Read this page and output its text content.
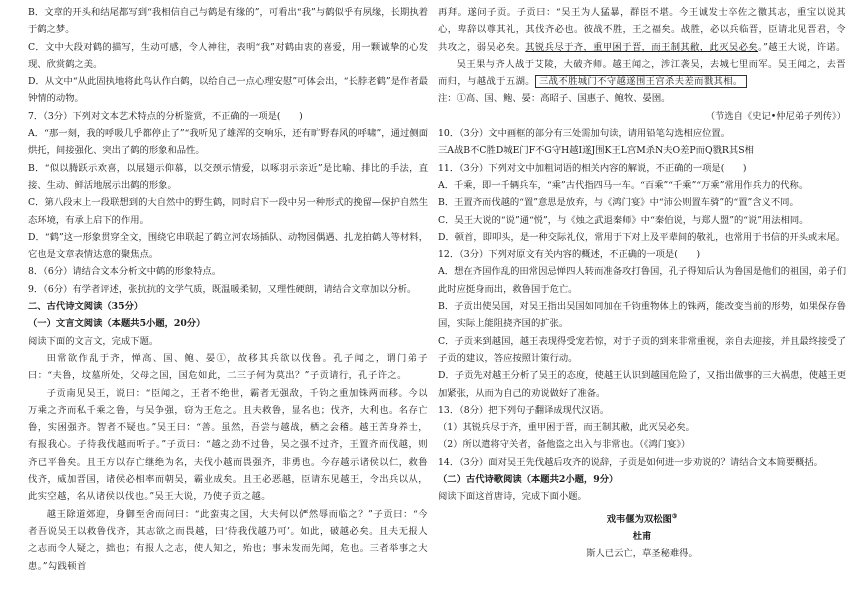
B．文章的开头和结尾都写到“我相信自己与鹤是有缘的”，可看出“我”与鹤似乎有夙缘，长期执着于鹤之梦。

C．文中大段对鹤的描写，生动可感，令人神往，表明“我”对鹤由衷的喜爱，用一颗诚挚的心发现、欣赏鹤之美。

D．从文中“从此固执地将此鸟认作白鹤，以给自己一点心理安慰”可体会出，“长脖老鹤”是作者最钟情的动物。

7．（3分）下列对文本艺术特点的分析鉴赏，不正确的一项是(　　)

A．“那一刻，我的呼吸几乎都停止了”“我听见了雄浑的交响乐，还有旷野春风的呼啸”，通过侧面烘托，间接强化、突出了鹤的形象和品性。

B．“似以腾跃示欢喜，以展翅示仰慕，以交颈示情爱，以啄羽示亲近”是比喻、排比的手法，直接、生动、鲜活地展示出鹤的形象。

C．第八段末上一段联想到的大自然中的野生鹤，同时启下一段中另一种形式的挽留—保护自然生态环境，有承上启下的作用。

D．“鹤”这一形象贯穿全文，围绕它串联起了鹤立河农场插队、动物园偶遇、扎龙拍鹤人等材料，它也是文章表情达意的聚焦点。

8．（6分）请结合文本分析文中鹤的形象特点。

9．（6分）有学者评述，张抗抗的文学气质，既温暖柔韧，又理性硬朗，请结合文章加以分析。

二、古代诗文阅读（35分）

（一）文言文阅读（本题共5小题，20分）

阅读下面的文言文，完成下题。

田常欲作乱于齐，惮高、国、鲍、晏①，故移其兵欲以伐鲁。孔子闻之，谓门弟子曰：“夫鲁，坟墓所处，父母之国，国危如此，二三子何为莫出？”子贡请行，孔子许之。

子贡南见吴王，说曰：“臣闻之，王者不绝世，霸者无强敌，千钧之重加铢两而移。今以万乘之齐而私千乘之鲁，与吴争强，窃为王危之。且夫救鲁，显名也；伐齐，大利也。名存亡鲁，实困强齐。智者不疑也。”吴王曰：“善。虽然，吾尝与越战，栖之会稽。越王苦身养士，有报我心。子待我伐越而听子。”子贡曰：“越之劲不过鲁，吴之强不过齐，王置齐而伐越，则齐已平鲁矣。且王方以存亡继绝为名，夫伐小越而畏强齐，非勇也。今存越示诸侯以仁，救鲁伐齐，威加晋国，诸侯必相率而朝吴，霸业成矣。且王必恶越，臣请东见越王，令出兵以从，此实空越，名从诸侯以伐也。”吴王大说，乃使子贡之越。

越王除道郊迎，身御至舍而问曰：“此蛮夷之国，大夫何以俨然辱而临之？”子贡曰：“今者吾说吴王以救鲁伐齐，其志欲之而畏越，曰‘待我伐越乃可’。如此，破越必矣。且夫无报人之志而令人疑之，拙也；有报人之志，使人知之，殆也；事未发而先闻，危也。三者举事之大患。”勾践顿首

再拜。遂问子贡。子贡曰：“吴王为人猛暴，群臣不堪。今王诚发士卒佐之徼其志，重宝以说其心，卑辞以尊其礼，其伐齐必也。彼战不胜，王之福矣。战胜，必以兵临晋，臣请北见晋君，令共攻之，弱吴必矣。其锐兵尽于齐，重甲困于晋，而王制其敝，此灭吴必矣。”越王大说，许诺。

吴王果与齐人战于艾陵，大破齐师。越王闻之，涉江袭吴，去城七里而军。吴王闻之，去晋而归，与越战于五湖。 三战不胜城门不守越遂围王宫杀夫差而戮其相。

注：①高、国、鲍、晏：高昭子、国惠子、鲍牧、晏圉。

（节选自《史记•仲尼弟子列传》）

10．（3分）文中画框的部分有三处需加句读，请用铅笔勾选相应位置。

三A战B不C胜D城E门F不G守H越I遂J围K王L宫M杀N夫O差P而Q戮R其S相

11．（3分）下列对文中加粗词语的相关内容的解说，不正确的一项是(　　)

A．千乘，即一千辆兵车，“乘”古代指四马一车。“百乘”“千乘”“万乘”常用作兵力的代称。

B．王置齐而伐越的“置”意思是放弃，与《鸿门宴》中“沛公则置车骑”的“置”含义不同。

C．吴王大说的“说”通“悦”，与《烛之武退秦师》中“秦伯说，与郑人盟”的“说”用法相同。

D．顿首，即叩头，是一种交际礼仪，常用于下对上及平辈间的敬礼，也常用于书信的开头或末尾。

12．（3分）下列对原文有关内容的概述，不正确的一项是(　　)

A．想在齐国作乱的田常因忌惮四人转而准备攻打鲁国，孔子得知后认为鲁国是他们的祖国，弟子们此时应挺身而出，救鲁国于危亡。

B．子贡出使吴国，对吴王指出吴国如同加在千钧重物体上的铢两，能改变当前的形势，如果保存鲁国，实际上能阻挠齐国的扩张。

C．子贡来到越国，越王表现得受宠若惊，对于子贡的到来非常重视，亲自去迎接，并且最终接受了子贡的建议，答应按照计策行动。

D．子贡先对越王分析了吴王的态度，使越王认识到越国危险了，又指出做事的三大祸患，使越王更加紧张，从而为自己的劝说做好了准备。

13．（8分）把下列句子翻译成现代汉语。

（1）其锐兵尽于齐，重甲困于晋，而王制其敝，此灭吴必矣。

（2）所以遣将守关者，备他盗之出入与非常也。（《鸿门宴》）

14．（3分）面对吴王先伐越后攻齐的说辞，子贡是如何进一步劝说的？请结合文本简要概括。

（二）古代诗歌阅读（本题共2小题，9分）

阅读下面这首唐诗，完成下面小题。

戏韦偃为双松图③

杜甫

斯人已云亡，草圣秘难得。
